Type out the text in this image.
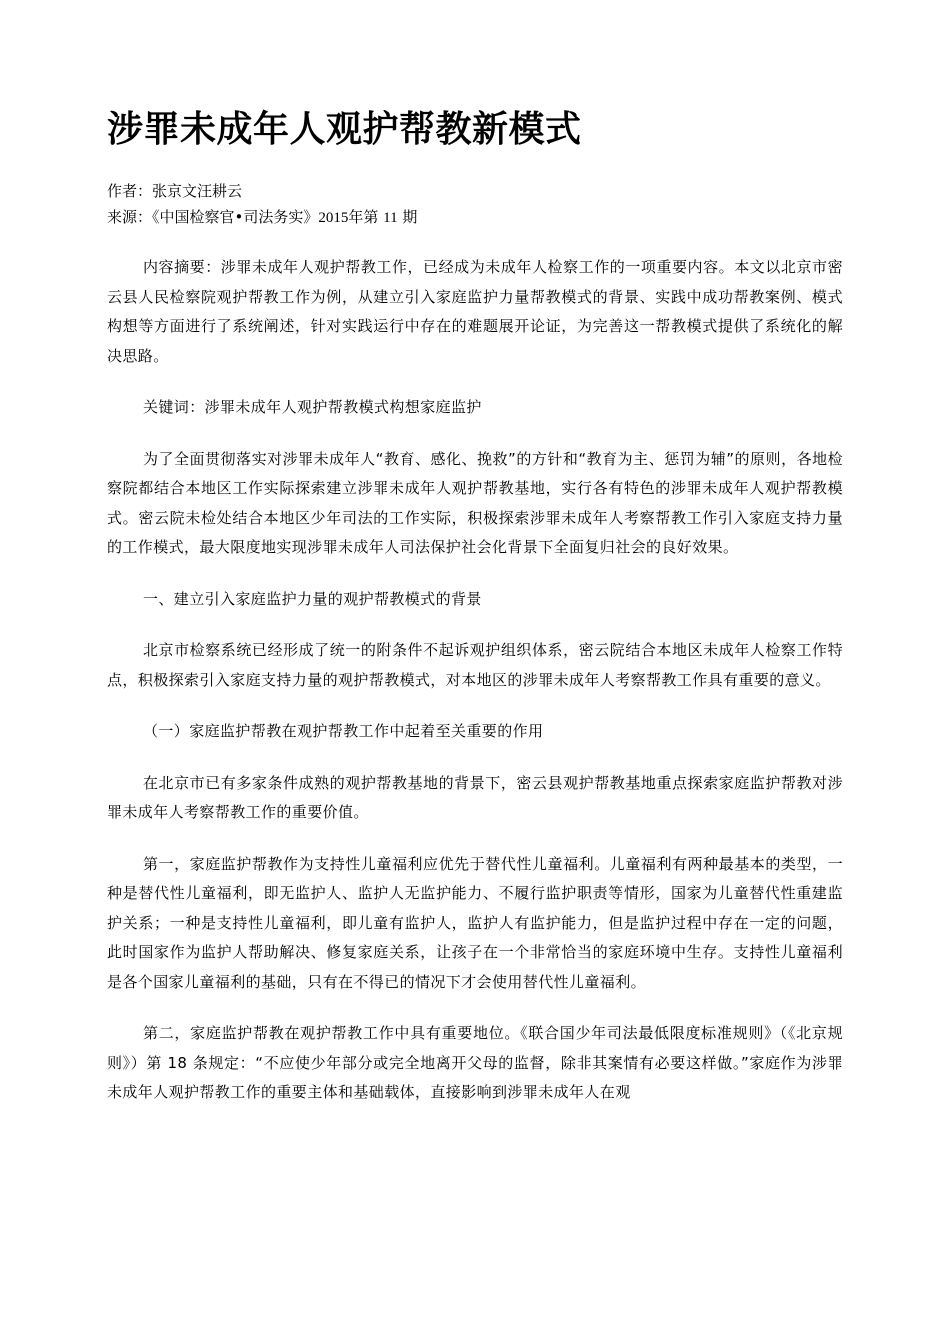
涉罪未成年人观护帮教新模式

作者：张京文汪耕云

来源：《中国检察官•司法务实》2015年第 11 期

内容摘要：涉罪未成年人观护帮教工作，已经成为未成年人检察工作的一项重要内容。本文以北京市密云县人民检察院观护帮教工作为例，从建立引入家庭监护力量帮教模式的背景、实践中成功帮教案例、模式构想等方面进行了系统阐述，针对实践运行中存在的难题展开论证，为完善这一帮教模式提供了系统化的解决思路。

关键词：涉罪未成年人观护帮教模式构想家庭监护

为了全面贯彻落实对涉罪未成年人“教育、感化、挽救”的方针和“教育为主、惩罚为辅”的原则，各地检察院都结合本地区工作实际探索建立涉罪未成年人观护帮教基地，实行各有特色的涉罪未成年人观护帮教模式。密云院未检处结合本地区少年司法的工作实际，积极探索涉罪未成年人考察帮教工作引入家庭支持力量的工作模式，最大限度地实现涉罪未成年人司法保护社会化背景下全面复归社会的良好效果。

一、建立引入家庭监护力量的观护帮教模式的背景

北京市检察系统已经形成了统一的附条件不起诉观护组织体系，密云院结合本地区未成年人检察工作特点，积极探索引入家庭支持力量的观护帮教模式，对本地区的涉罪未成年人考察帮教工作具有重要的意义。

（一）家庭监护帮教在观护帮教工作中起着至关重要的作用

在北京市已有多家条件成熟的观护帮教基地的背景下，密云县观护帮教基地重点探索家庭监护帮教对涉罪未成年人考察帮教工作的重要价值。

第一，家庭监护帮教作为支持性儿童福利应优先于替代性儿童福利。儿童福利有两种最基本的类型，一种是替代性儿童福利，即无监护人、监护人无监护能力、不履行监护职责等情形，国家为儿童替代性重建监护关系；一种是支持性儿童福利，即儿童有监护人，监护人有监护能力，但是监护过程中存在一定的问题，此时国家作为监护人帮助解决、修复家庭关系，让孩子在一个非常恰当的家庭环境中生存。支持性儿童福利是各个国家儿童福利的基础，只有在不得已的情况下才会使用替代性儿童福利。

第二，家庭监护帮教在观护帮教工作中具有重要地位。《联合国少年司法最低限度标准规则》（《北京规则》）第 18 条规定：“不应使少年部分或完全地离开父母的监督，除非其案情有必要这样做。”家庭作为涉罪未成年人观护帮教工作的重要主体和基础载体，直接影响到涉罪未成年人在观
